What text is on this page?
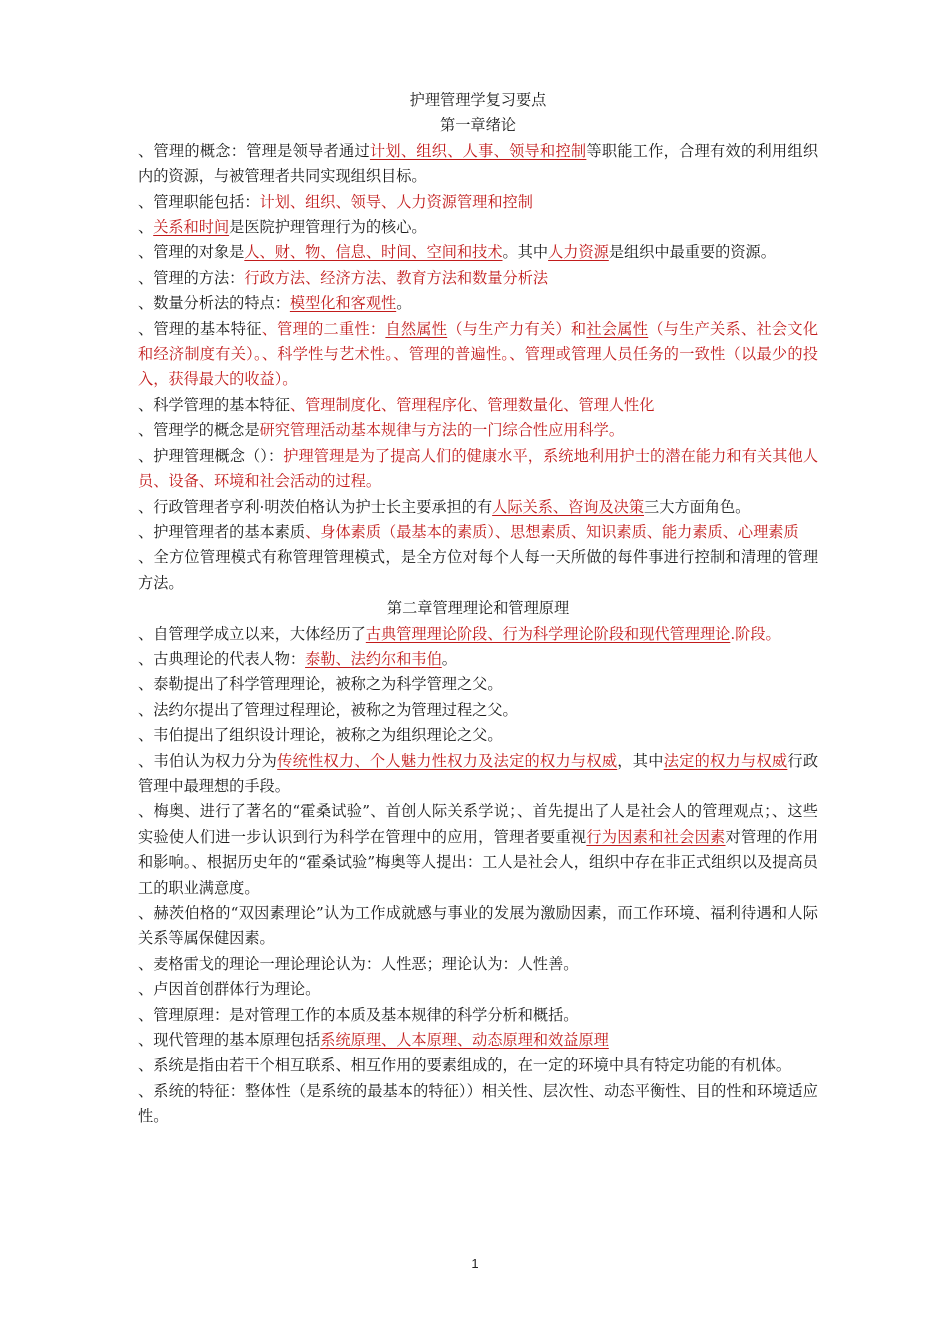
护理管理学复习要点
第一章绪论

、管理的概念：管理是领导者通过计划、组织、人事、领导和控制等职能工作，合理有效的利用组织内的资源，与被管理者共同实现组织目标。

、管理职能包括：计划、组织、领导、人力资源管理和控制

、关系和时间是医院护理管理行为的核心。

、管理的对象是人、财、物、信息、时间、空间和技术。其中人力资源是组织中最重要的资源。

、管理的方法：行政方法、经济方法、教育方法和数量分析法

、数量分析法的特点：模型化和客观性。

、管理的基本特征、管理的二重性：自然属性（与生产力有关）和社会属性（与生产关系、社会文化和经济制度有关）。、科学性与艺术性。、管理的普遍性。、管理或管理人员任务的一致性（以最少的投入，获得最大的收益）。

、科学管理的基本特征、管理制度化、管理程序化、管理数量化、管理人性化

、管理学的概念是研究管理活动基本规律与方法的一门综合性应用科学。

、护理管理概念（）：护理管理是为了提高人们的健康水平，系统地利用护士的潜在能力和有关其他人员、设备、环境和社会活动的过程。

、行政管理者亨利·明茨伯格认为护士长主要承担的有人际关系、咨询及决策三大方面角色。

、护理管理者的基本素质、身体素质（最基本的素质）、思想素质、知识素质、能力素质、心理素质

、全方位管理模式有称管理管理模式，是全方位对每个人每一天所做的每件事进行控制和清理的管理方法。

第二章管理理论和管理原理

、自管理学成立以来，大体经历了古典管理理论阶段、行为科学理论阶段和现代管理理论.阶段。

、古典理论的代表人物：泰勒、法约尔和韦伯。

、泰勒提出了科学管理理论，被称之为科学管理之父。

、法约尔提出了管理过程理论，被称之为管理过程之父。

、韦伯提出了组织设计理论，被称之为组织理论之父。

、韦伯认为权力分为传统性权力、个人魅力性权力及法定的权力与权威，其中法定的权力与权威行政管理中最理想的手段。

、梅奥、进行了著名的“霍桑试验”、首创人际关系学说；、首先提出了人是社会人的管理观点；、这些实验使人们进一步认识到行为科学在管理中的应用，管理者要重视行为因素和社会因素对管理的作用和影响。、根据历史年的“霍桑试验”梅奥等人提出：工人是社会人，组织中存在非正式组织以及提高员工的职业满意度。

、赫茨伯格的“双因素理论”认为工作成就感与事业的发展为激励因素，而工作环境、福利待遇和人际关系等属保健因素。

、麦格雷戈的理论一理论理论认为：人性恶；理论认为：人性善。

、卢因首创群体行为理论。

、管理原理：是对管理工作的本质及基本规律的科学分析和概括。

、现代管理的基本原理包括系统原理、人本原理、动态原理和效益原理

、系统是指由若干个相互联系、相互作用的要素组成的，在一定的环境中具有特定功能的有机体。

、系统的特征：整体性（是系统的最基本的特征））相关性、层次性、动态平衡性、目的性和环境适应性。

1
